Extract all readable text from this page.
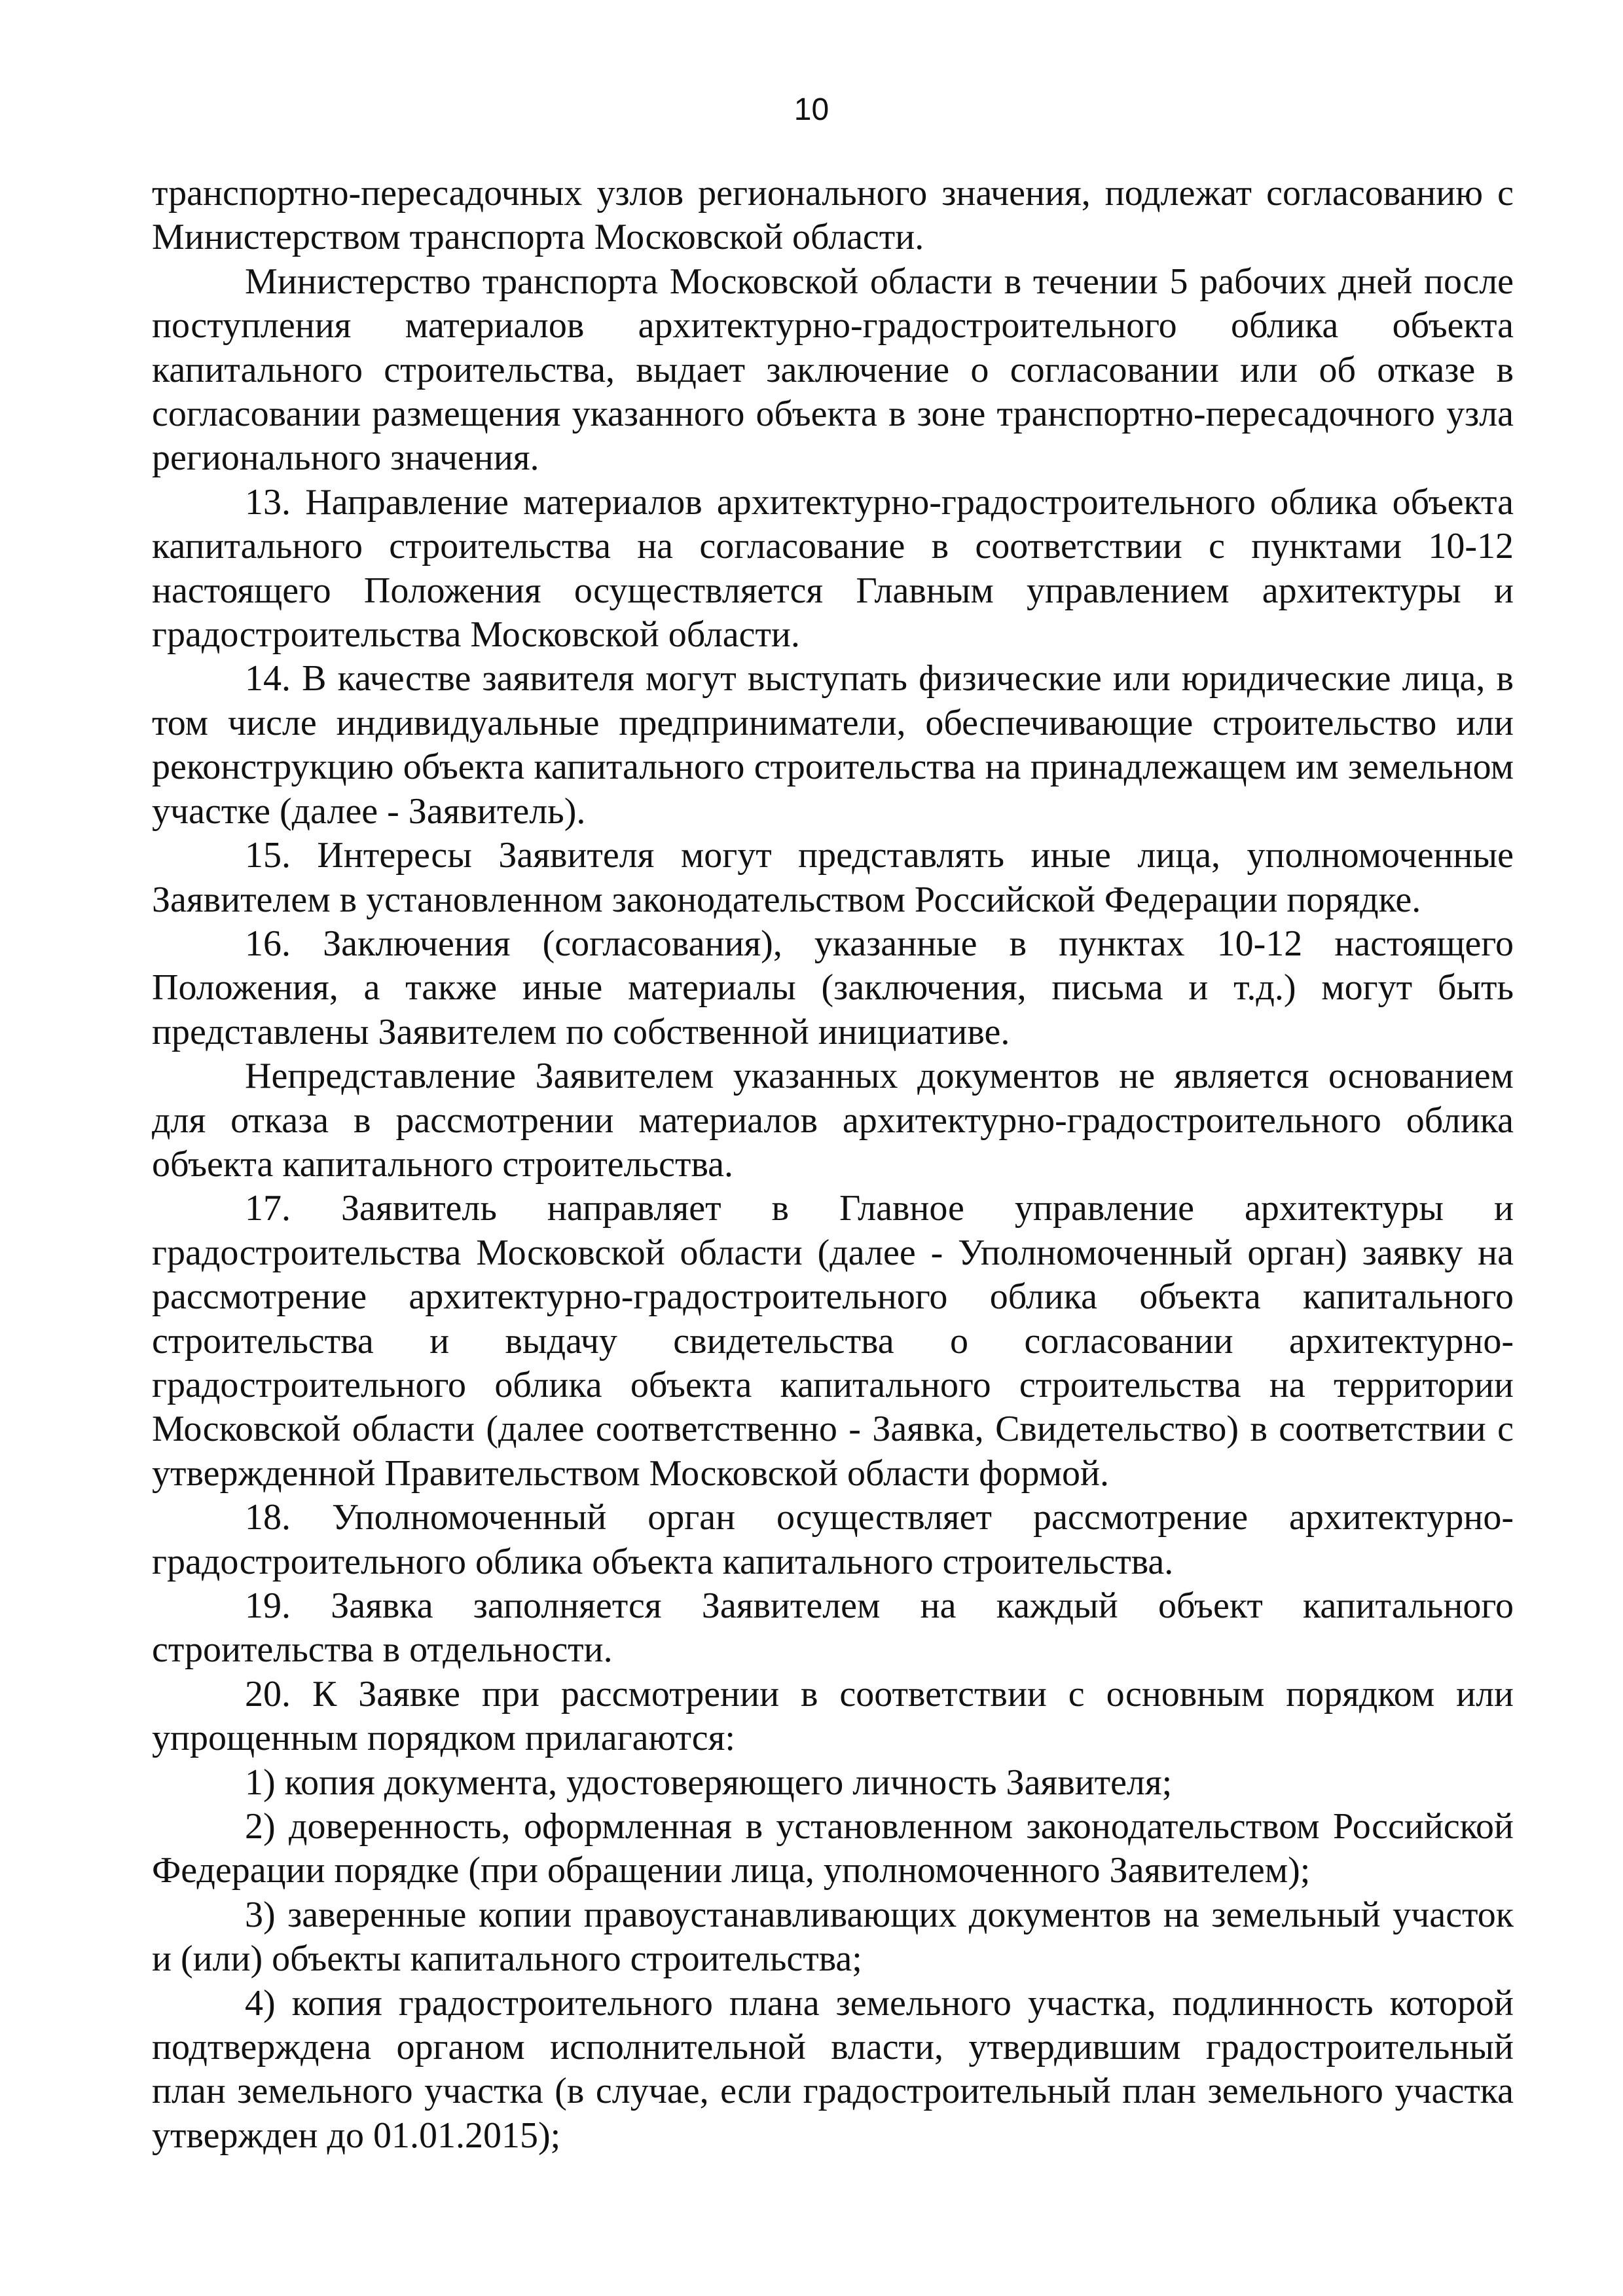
10

транспортно-пересадочных узлов регионального значения, подлежат согласованию с Министерством транспорта Московской области.

Министерство транспорта Московской области в течении 5 рабочих дней после поступления материалов архитектурно-градостроительного облика объекта капитального строительства, выдает заключение о согласовании или об отказе в согласовании размещения указанного объекта в зоне транспортно-пересадочного узла регионального значения.

13. Направление материалов архитектурно-градостроительного облика объекта капитального строительства на согласование в соответствии с пунктами 10-12 настоящего Положения осуществляется Главным управлением архитектуры и градостроительства Московской области.

14. В качестве заявителя могут выступать физические или юридические лица, в том числе индивидуальные предприниматели, обеспечивающие строительство или реконструкцию объекта капитального строительства на принадлежащем им земельном участке (далее - Заявитель).

15. Интересы Заявителя могут представлять иные лица, уполномоченные Заявителем в установленном законодательством Российской Федерации порядке.

16. Заключения (согласования), указанные в пунктах 10-12 настоящего Положения, а также иные материалы (заключения, письма и т.д.) могут быть представлены Заявителем по собственной инициативе.

Непредставление Заявителем указанных документов не является основанием для отказа в рассмотрении материалов архитектурно-градостроительного облика объекта капитального строительства.

17. Заявитель направляет в Главное управление архитектуры и градостроительства Московской области (далее - Уполномоченный орган) заявку на рассмотрение архитектурно-градостроительного облика объекта капитального строительства и выдачу свидетельства о согласовании архитектурно-градостроительного облика объекта капитального строительства на территории Московской области (далее соответственно - Заявка, Свидетельство) в соответствии с утвержденной Правительством Московской области формой.

18. Уполномоченный орган осуществляет рассмотрение архитектурно-градостроительного облика объекта капитального строительства.

19. Заявка заполняется Заявителем на каждый объект капитального строительства в отдельности.

20. К Заявке при рассмотрении в соответствии с основным порядком или упрощенным порядком прилагаются:

1) копия документа, удостоверяющего личность Заявителя;

2) доверенность, оформленная в установленном законодательством Российской Федерации порядке (при обращении лица, уполномоченного Заявителем);

3) заверенные копии правоустанавливающих документов на земельный участок и (или) объекты капитального строительства;

4) копия градостроительного плана земельного участка, подлинность которой подтверждена органом исполнительной власти, утвердившим градостроительный план земельного участка (в случае, если градостроительный план земельного участка утвержден до 01.01.2015);
